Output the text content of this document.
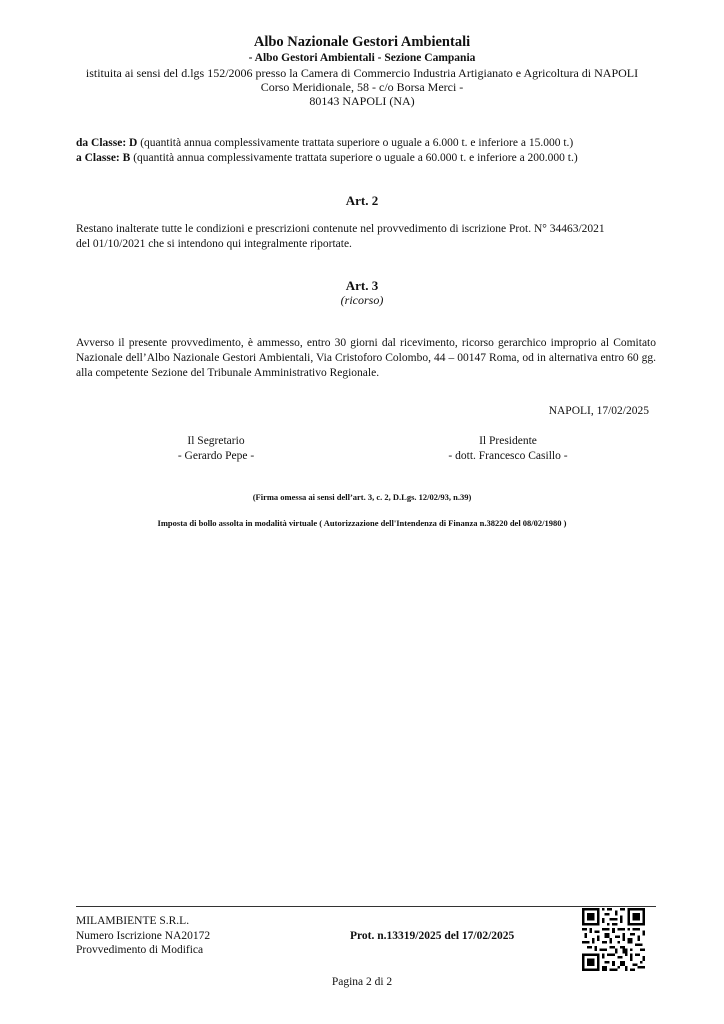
Albo Nazionale Gestori Ambientali
- Albo Gestori Ambientali - Sezione Campania
istituita ai sensi del d.lgs 152/2006 presso la Camera di Commercio Industria Artigianato e Agricoltura di NAPOLI
Corso Meridionale, 58 - c/o Borsa Merci -
80143 NAPOLI (NA)
da Classe: D (quantità annua complessivamente trattata superiore o uguale a 6.000 t. e inferiore a 15.000 t.)
a Classe: B (quantità annua complessivamente trattata superiore o uguale a 60.000 t. e inferiore a 200.000 t.)
Art. 2
Restano inalterate tutte le condizioni e prescrizioni contenute nel provvedimento di iscrizione Prot. N° 34463/2021
del 01/10/2021 che si intendono qui integralmente riportate.
Art. 3
(ricorso)
Avverso il presente provvedimento, è ammesso, entro 30 giorni dal ricevimento, ricorso gerarchico improprio al Comitato Nazionale dell’Albo Nazionale Gestori Ambientali, Via Cristoforo Colombo, 44 – 00147 Roma, od in alternativa entro 60 gg. alla competente Sezione del Tribunale Amministrativo Regionale.
NAPOLI, 17/02/2025
Il Segretario
- Gerardo Pepe -
Il Presidente
- dott. Francesco Casillo -
(Firma omessa ai sensi dell’art. 3, c. 2, D.Lgs. 12/02/93, n.39)
Imposta di bollo assolta in modalità virtuale ( Autorizzazione dell'Intendenza di Finanza n.38220 del 08/02/1980 )
MILAMBIENTE S.R.L.
Numero Iscrizione NA20172
Provvedimento di Modifica
Prot. n.13319/2025 del 17/02/2025
Pagina 2 di 2
